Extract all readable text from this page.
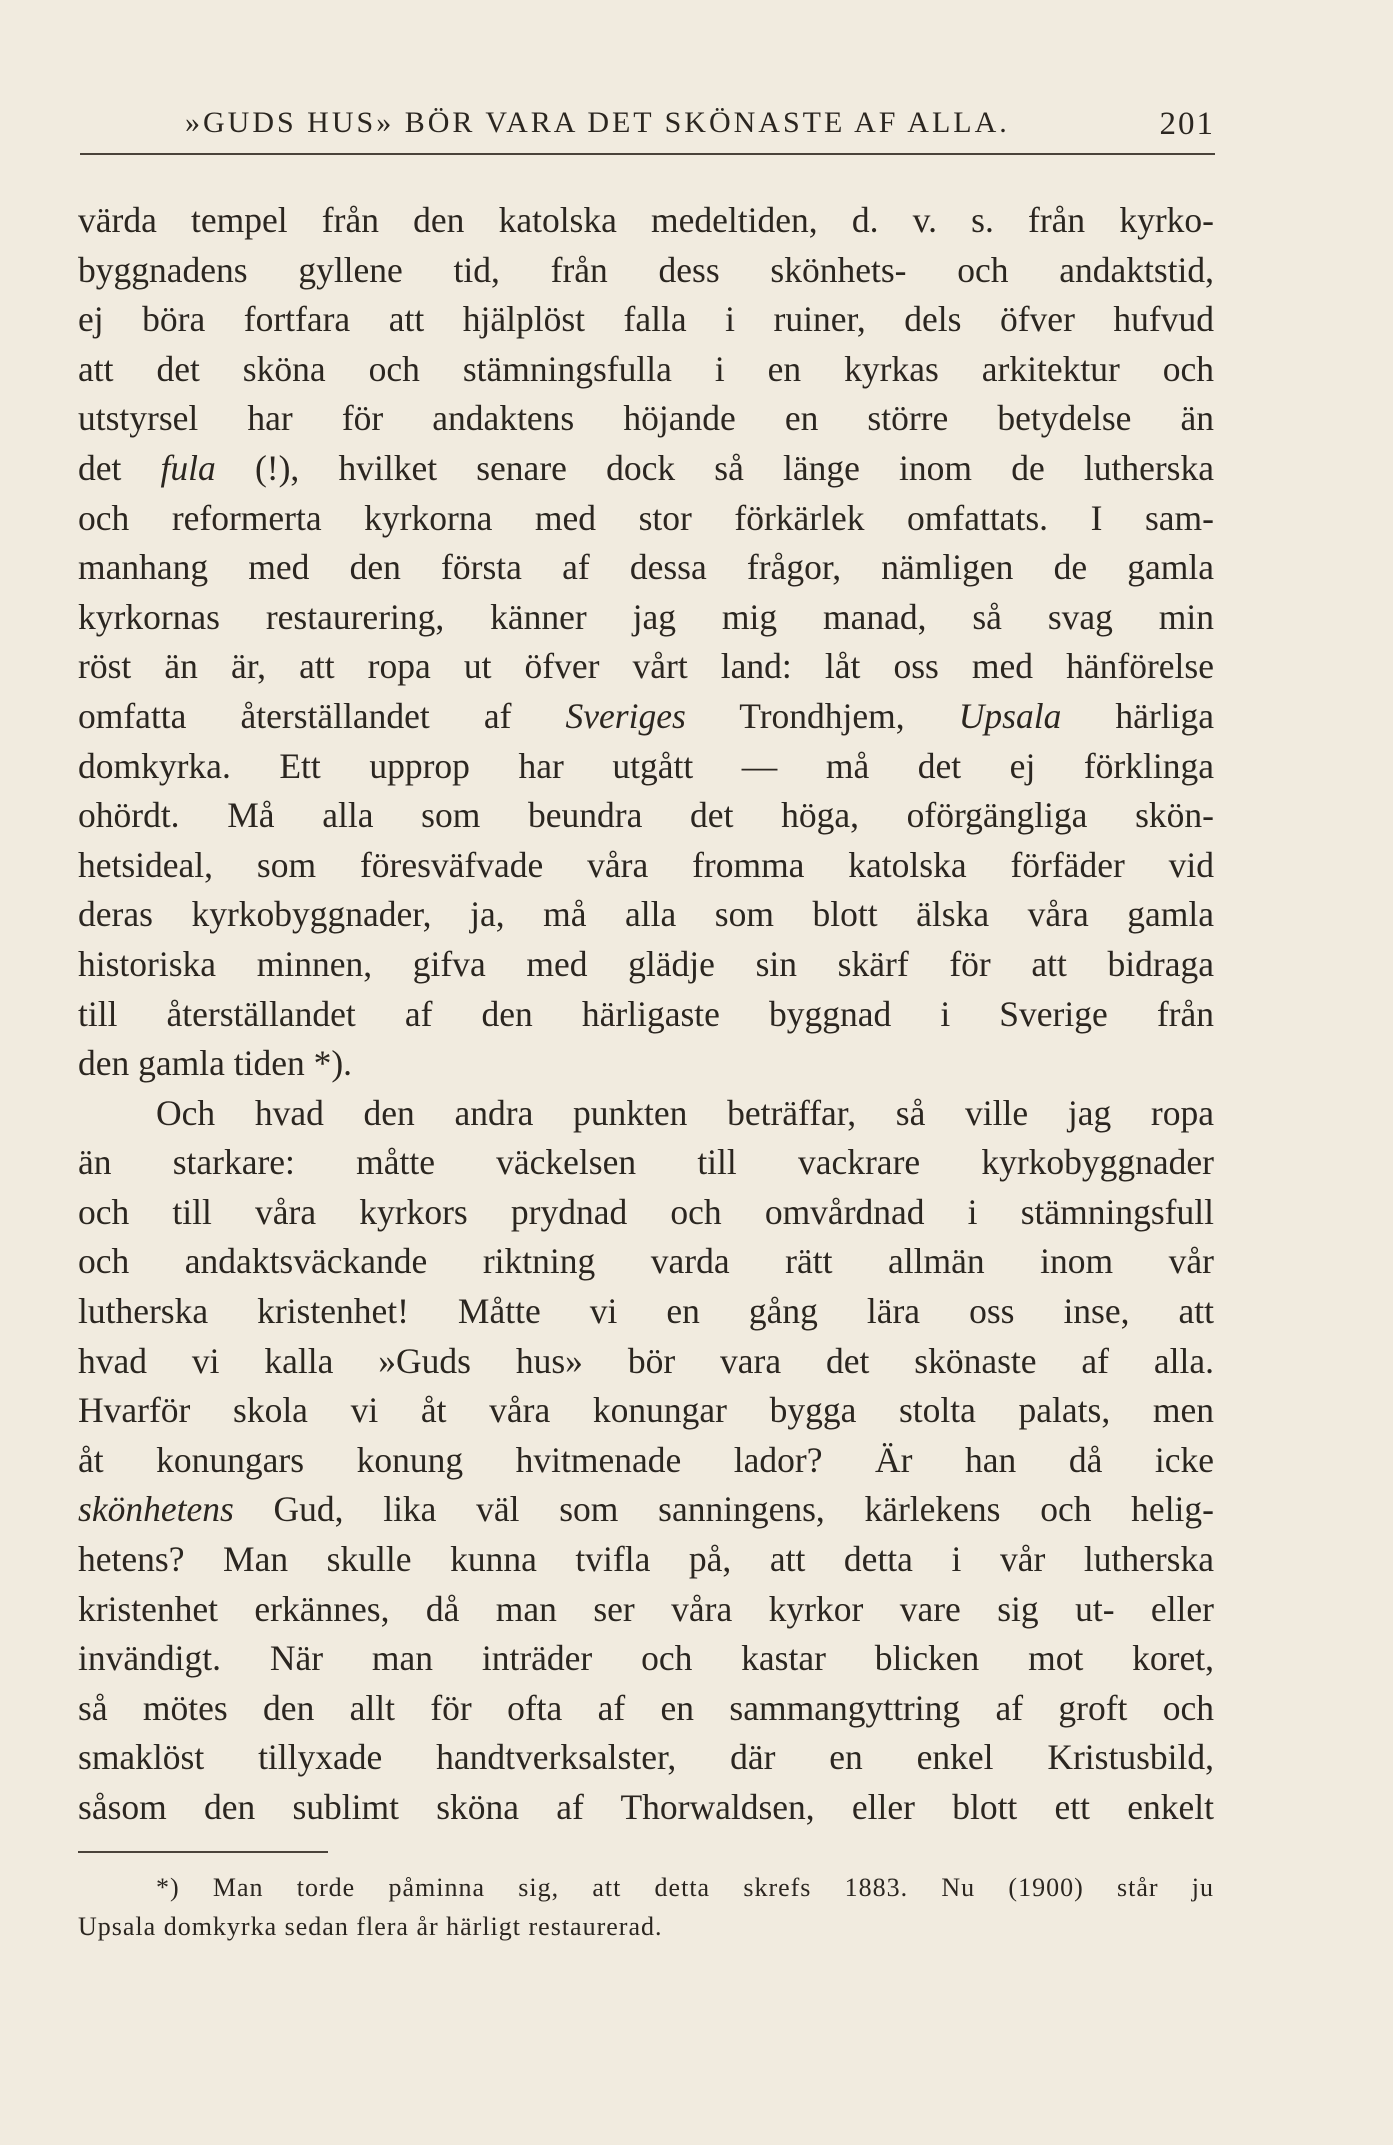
»GUDS HUS» BÖR VARA DET SKÖNASTE AF ALLA.	201
värda tempel från den katolska medeltiden, d. v. s. från kyrko-
byggnadens gyllene tid, från dess skönhets- och andaktstid,
ej böra fortfara att hjälplöst falla i ruiner, dels öfver hufvud
att det sköna och stämningsfulla i en kyrkas arkitektur och
utstyrsel har för andaktens höjande en större betydelse än
det fula (!), hvilket senare dock så länge inom de lutherska
och reformerta kyrkorna med stor förkärlek omfattats. I sam-
manhang med den första af dessa frågor, nämligen de gamla
kyrkornas restaurering, känner jag mig manad, så svag min
röst än är, att ropa ut öfver vårt land: låt oss med hänförelse
omfatta återställandet af Sveriges Trondhjem, Upsala härliga
domkyrka. Ett upprop har utgått — må det ej förklinga
ohördt. Må alla som beundra det höga, oförgängliga skön-
hetsideal, som föresväfvade våra fromma katolska förfäder vid
deras kyrkobyggnader, ja, må alla som blott älska våra gamla
historiska minnen, gifva med glädje sin skärf för att bidraga
till återställandet af den härligaste byggnad i Sverige från
den gamla tiden *).
Och hvad den andra punkten beträffar, så ville jag ropa
än starkare: måtte väckelsen till vackrare kyrkobyggnader
och till våra kyrkors prydnad och omvårdnad i stämningsfull
och andaktsväckande riktning varda rätt allmän inom vår
lutherska kristenhet! Måtte vi en gång lära oss inse, att
hvad vi kalla »Guds hus» bör vara det skönaste af alla.
Hvarför skola vi åt våra konungar bygga stolta palats, men
åt konungars konung hvitmenade lador? Är han då icke
skönhetens Gud, lika väl som sanningens, kärlekens och helig-
hetens? Man skulle kunna tvifla på, att detta i vår lutherska
kristenhet erkännes, då man ser våra kyrkor vare sig ut- eller
invändigt. När man inträder och kastar blicken mot koret,
så mötes den allt för ofta af en sammangyttring af groft och
smaklöst tillyxade handtverksalster, där en enkel Kristusbild,
såsom den sublimt sköna af Thorwaldsen, eller blott ett enkelt
*) Man torde påminna sig, att detta skrefs 1883. Nu (1900) står ju
Upsala domkyrka sedan flera år härligt restaurerad.
